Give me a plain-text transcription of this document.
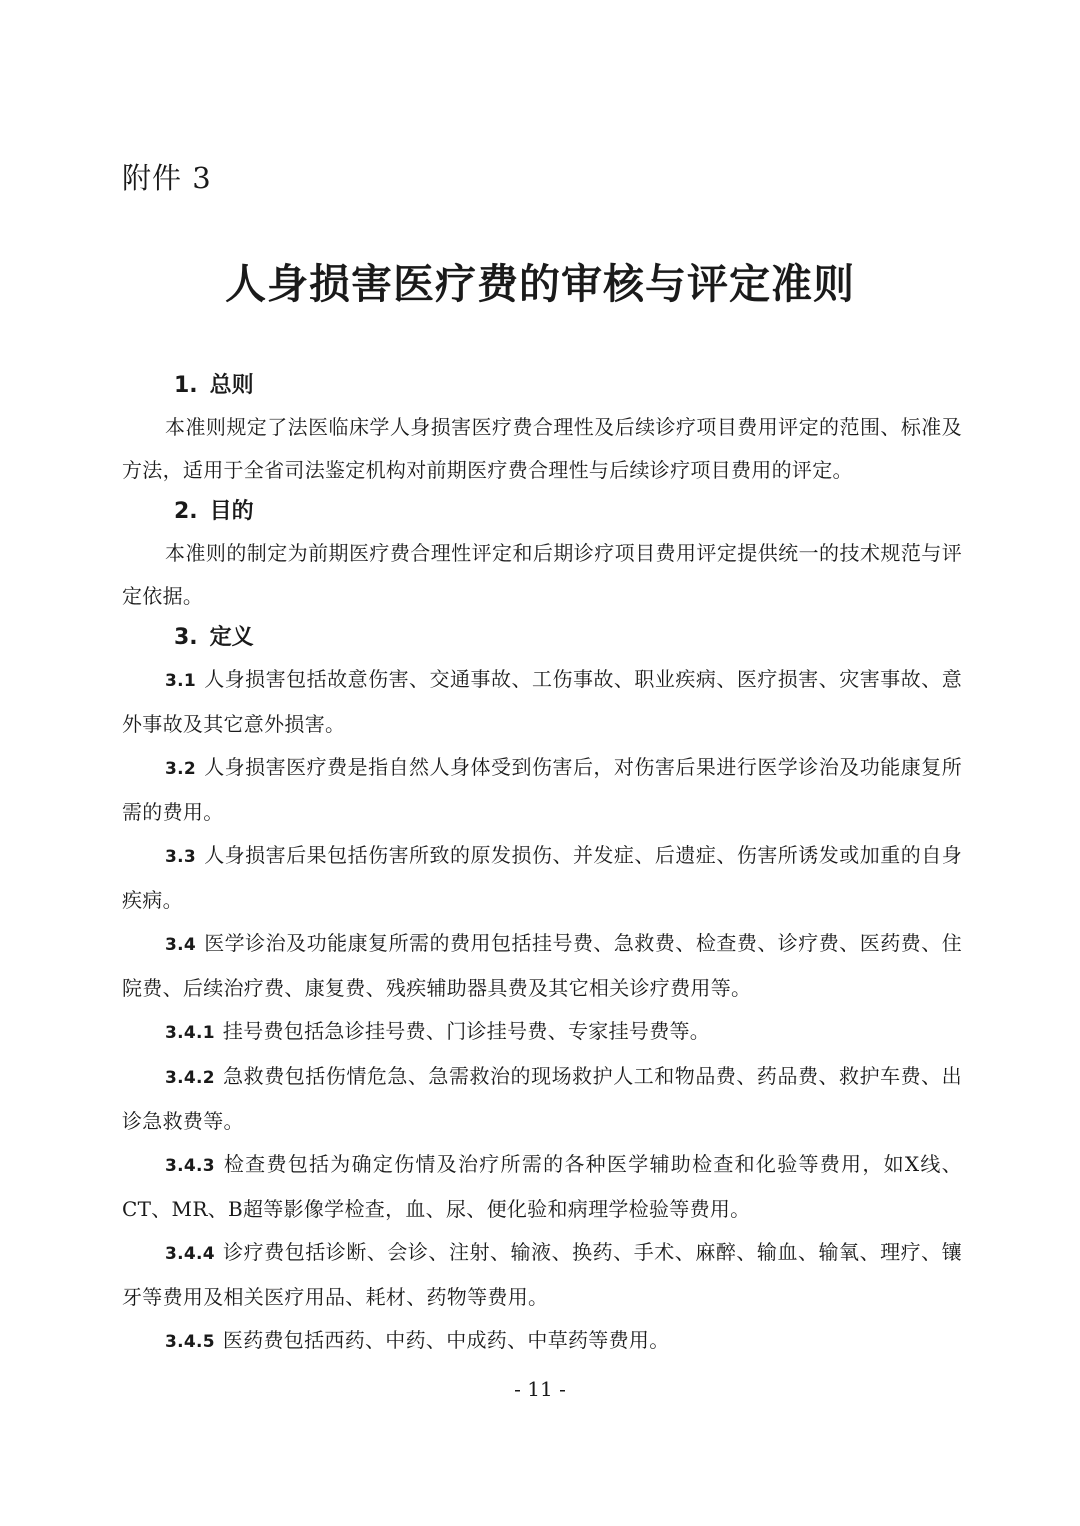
附件 3
人身损害医疗费的审核与评定准则
1. 总则

本准则规定了法医临床学人身损害医疗费合理性及后续诊疗项目费用评定的范围、标准及方法，适用于全省司法鉴定机构对前期医疗费合理性与后续诊疗项目费用的评定。

2. 目的

本准则的制定为前期医疗费合理性评定和后期诊疗项目费用评定提供统一的技术规范与评定依据。

3. 定义

3.1 人身损害包括故意伤害、交通事故、工伤事故、职业疾病、医疗损害、灾害事故、意外事故及其它意外损害。

3.2 人身损害医疗费是指自然人身体受到伤害后，对伤害后果进行医学诊治及功能康复所需的费用。

3.3 人身损害后果包括伤害所致的原发损伤、并发症、后遗症、伤害所诱发或加重的自身疾病。

3.4 医学诊治及功能康复所需的费用包括挂号费、急救费、检查费、诊疗费、医药费、住院费、后续治疗费、康复费、残疾辅助器具费及其它相关诊疗费用等。

3.4.1 挂号费包括急诊挂号费、门诊挂号费、专家挂号费等。

3.4.2 急救费包括伤情危急、急需救治的现场救护人工和物品费、药品费、救护车费、出诊急救费等。

3.4.3 检查费包括为确定伤情及治疗所需的各种医学辅助检查和化验等费用，如X线、CT、MR、B超等影像学检查，血、尿、便化验和病理学检验等费用。

3.4.4 诊疗费包括诊断、会诊、注射、输液、换药、手术、麻醉、输血、输氧、理疗、镶牙等费用及相关医疗用品、耗材、药物等费用。

3.4.5 医药费包括西药、中药、中成药、中草药等费用。

- 11 -
